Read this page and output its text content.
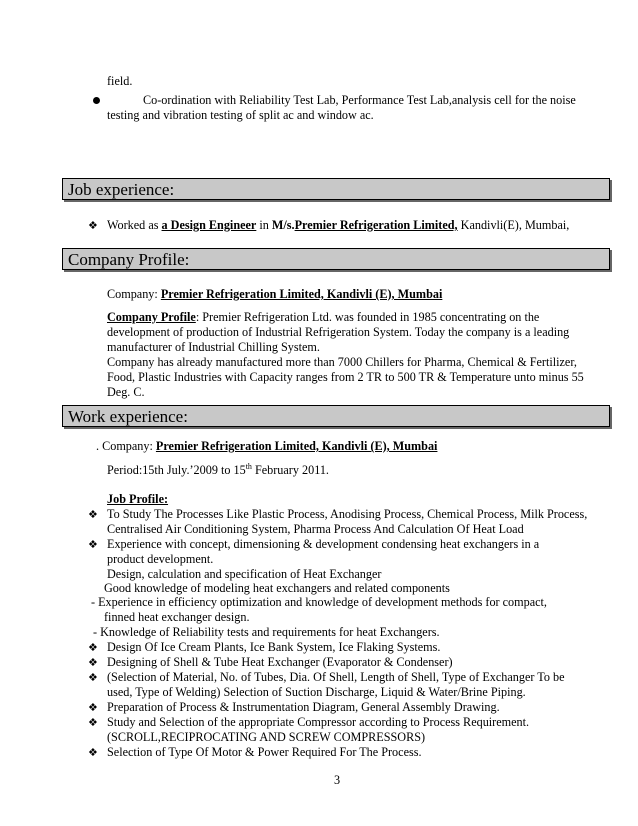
field.
Co-ordination with Reliability Test Lab, Performance Test Lab,analysis cell for the noise
testing and vibration testing of split ac and window ac.
Job experience:
❖ Worked as a Design Engineer in M/s.Premier Refrigeration Limited, Kandivli(E), Mumbai,
Company Profile:
Company: Premier Refrigeration Limited, Kandivli (E), Mumbai
Company Profile: Premier Refrigeration Ltd. was founded in 1985 concentrating on the
development of production of Industrial Refrigeration System. Today the company is a leading
manufacturer of Industrial Chilling System.
Company has already manufactured more than 7000 Chillers for Pharma, Chemical & Fertilizer,
Food, Plastic Industries with Capacity ranges from 2 TR to 500 TR & Temperature unto minus 55
Deg. C.
Work experience:
. Company: Premier Refrigeration Limited, Kandivli (E), Mumbai
Period:15th July.’2009 to 15th February 2011.
Job Profile:
❖ To Study The Processes Like Plastic Process, Anodising Process, Chemical Process, Milk Process,
Centralised Air Conditioning System, Pharma Process And Calculation Of Heat Load
❖ Experience with concept, dimensioning & development condensing heat exchangers in a
product development.
Design, calculation and specification of Heat Exchanger
Good knowledge of modeling heat exchangers and related components
- Experience in efficiency optimization and knowledge of development methods for compact,
finned heat exchanger design.
- Knowledge of Reliability tests and requirements for heat Exchangers.
❖ Design Of Ice Cream Plants, Ice Bank System, Ice Flaking Systems.
❖ Designing of Shell & Tube Heat Exchanger (Evaporator & Condenser)
❖ (Selection of Material, No. of Tubes, Dia. Of Shell, Length of Shell, Type of Exchanger To be
used, Type of Welding) Selection of Suction Discharge, Liquid & Water/Brine Piping.
❖ Preparation of Process & Instrumentation Diagram, General Assembly Drawing.
❖ Study and Selection of the appropriate Compressor according to Process Requirement.
(SCROLL,RECIPROCATING AND SCREW COMPRESSORS)
❖ Selection of Type Of Motor & Power Required For The Process.
3
